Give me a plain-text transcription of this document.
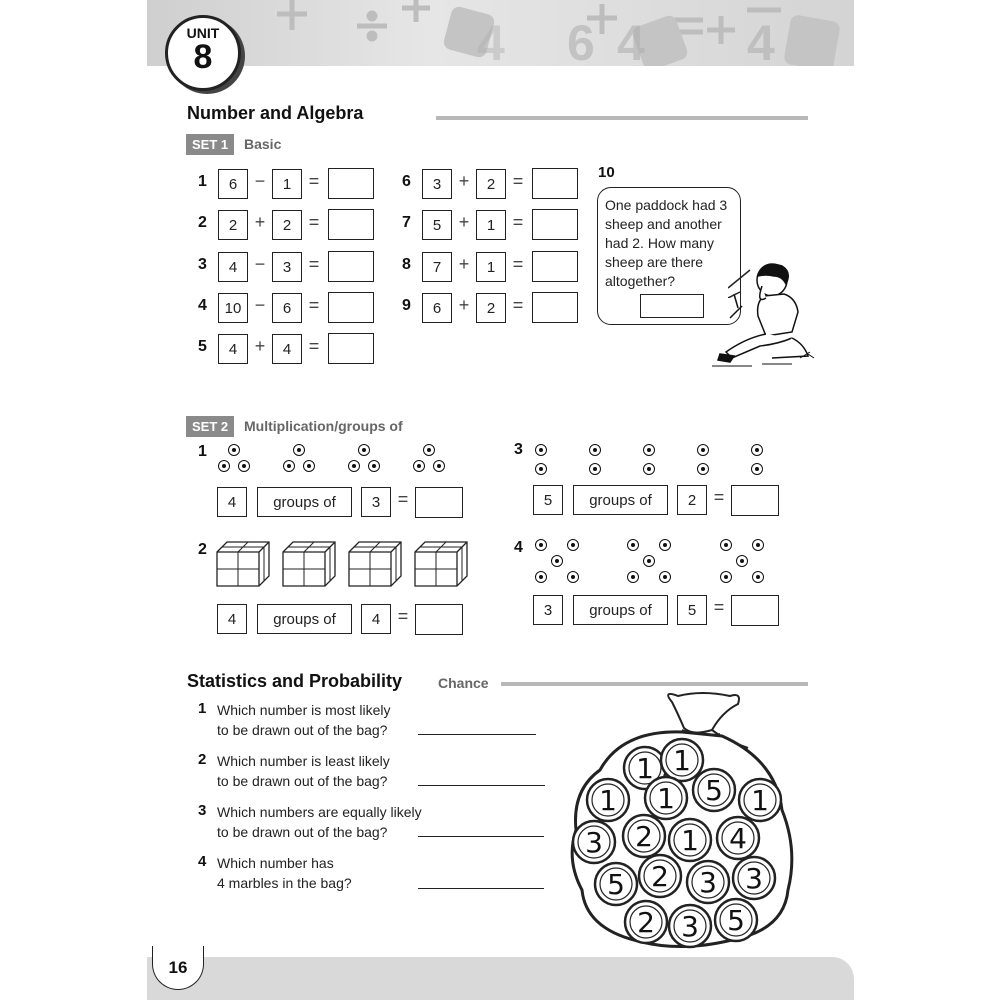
6 4 4
4
UNIT
8
Number and Algebra
SET 1	Basic
1	6 −	1 =
2	2 +	2 =
3	4 −	3 =
4	10 −	6 =
5	4 +	4 =
6	3 +	2 =
7	5 +	1 =
8	7 +	1 =
9	6 +	2 =
10
One paddock had 3 sheep and another had 2. How many sheep are there altogether?
SET 2	Multiplication/groups of
1
4	groups of	3 =
2
4	groups of	4 =
3
5	groups of	2 =
4
3	groups of	5 =
Statistics and Probability	Chance
1 Which number is most likely
to be drawn out of the bag?
2 Which number is least likely
to be drawn out of the bag?
3 Which numbers are equally likely
to be drawn out of the bag?
4 Which number has
4 marbles in the bag?
1 1
1 1 5 1
3 2 1 4
5 2 3 3
2 3 5
16
